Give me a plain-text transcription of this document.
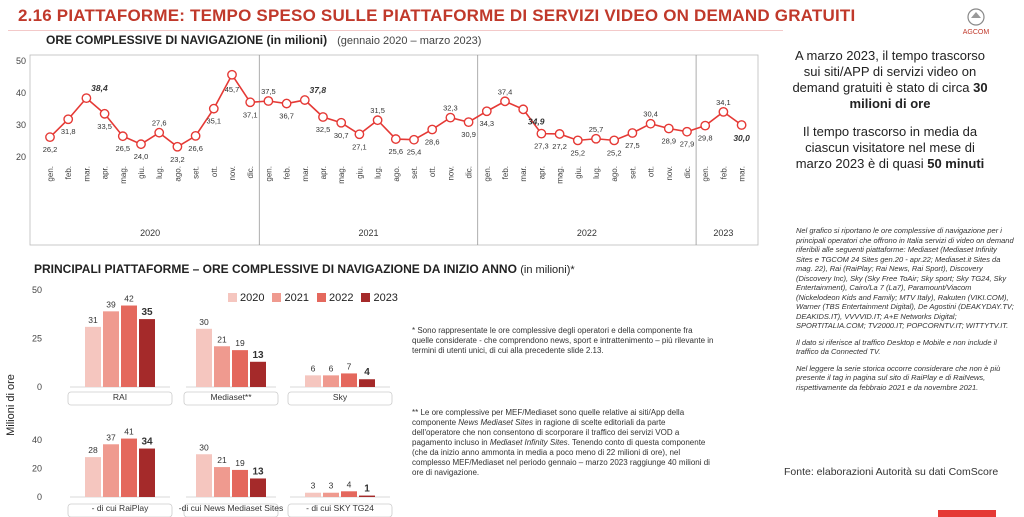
2.16 PIATTAFORME: TEMPO SPESO SULLE PIATTAFORME DI SERVIZI VIDEO ON DEMAND GRATUITI
AGCOM
ORE COMPLESSIVE DI NAVIGAZIONE (in milioni) (gennaio 2020 – marzo 2023)
20
30
40
50
26,2
31,8
38,4
33,5
26,5
24,0
27,6
23,2
26,6
35,1
45,7
37,1
37,5
36,7
37,8
32,5
30,7
27,1
31,5
25,6 25,4
28,6
32,3
30,9
34,3
37,4
34,9
27,3 27,2
25,2
25,7
25,2
27,5
30,4
28,9 27,9
29,8
34,1
30,0
gen. feb. mar. apr. mag. giu. lug. ago. set. ott. nov. dic. gen. feb. mar. apr. mag. giu. lug. ago. set. ott. nov. dic. gen. feb. mar. apr. mag. giu. lug. ago. set. ott. nov. dic. gen. feb. mar.
2020	2021	2022	2023
PRINCIPALI PIATTAFORME – ORE COMPLESSIVE DI NAVIGAZIONE DA INIZIO ANNO (in milioni)*
2020 2021 2022 2023
Milioni di ore 0
25
50
31
39
42
35
RAI
30
21 19
13
Mediaset**
6 6 7
4
Sky
0
20
40
28
37
41
34
- di cui RaiPlay
30
21 19
13
-di cui News Mediaset Sites
3 3 4 1
- di cui SKY TG24
* Sono rappresentate le ore complessive degli operatori e della componente fra quelle considerate - che comprendono news, sport e intrattenimento – più rilevante in termini di utenti unici, di cui alla precedente slide 2.13.
** Le ore complessive per MEF/Mediaset sono quelle relative ai siti/App della componente News Mediaset Sites in ragione di scelte editoriali da parte dell'operatore che non consentono di scorporare il traffico dei servizi VOD a pagamento incluso in Mediaset Infinity Sites. Tenendo conto di questa componente (che da inizio anno ammonta in media a poco meno di 22 milioni di ore), nel complesso MEF/Mediaset nel periodo gennaio – marzo 2023 raggiunge 40 milioni di ore di navigazione.

A marzo 2023, il tempo trascorso sui siti/APP di servizi video on demand gratuiti è stato di circa 30 milioni di ore

Il tempo trascorso in media da ciascun visitatore nel mese di marzo 2023 è di quasi 50 minuti

Nel grafico si riportano le ore complessive di navigazione per i principali operatori che offrono in Italia servizi di video on demand riferibili alle seguenti piattaforme: Mediaset (Mediaset Infinity Sites e TGCOM 24 Sites gen.20 - apr.22; Mediaset.it Sites da mag. 22), Rai (RaiPlay; Rai News, Rai Sport), Discovery (Discovery Inc), Sky (Sky Free ToAir; Sky sport; Sky TG24, Sky Entertainment), Cairo/La 7 (La7), Paramount/Viacom (Nickelodeon Kids and Family; MTV Italy), Rakuten (VIKI.COM), Warner (TBS Entertainment Digital), De Agostini (DEAKYDAY.TV; DEAKIDS.IT), VVVVID.IT; A+E Networks Digital; SPORTITALIA.COM; TV2000.IT; POPCORNTV.IT; WITTYTV.IT.

Il dato si riferisce al traffico Desktop e Mobile e non include il traffico da Connected TV.

Nel leggere la serie storica occorre considerare che non è più presente il tag in pagina sul sito di RaiPlay e di RaiNews, rispettivamente da febbraio 2021 e da novembre 2021.

Fonte: elaborazioni Autorità su dati ComScore
